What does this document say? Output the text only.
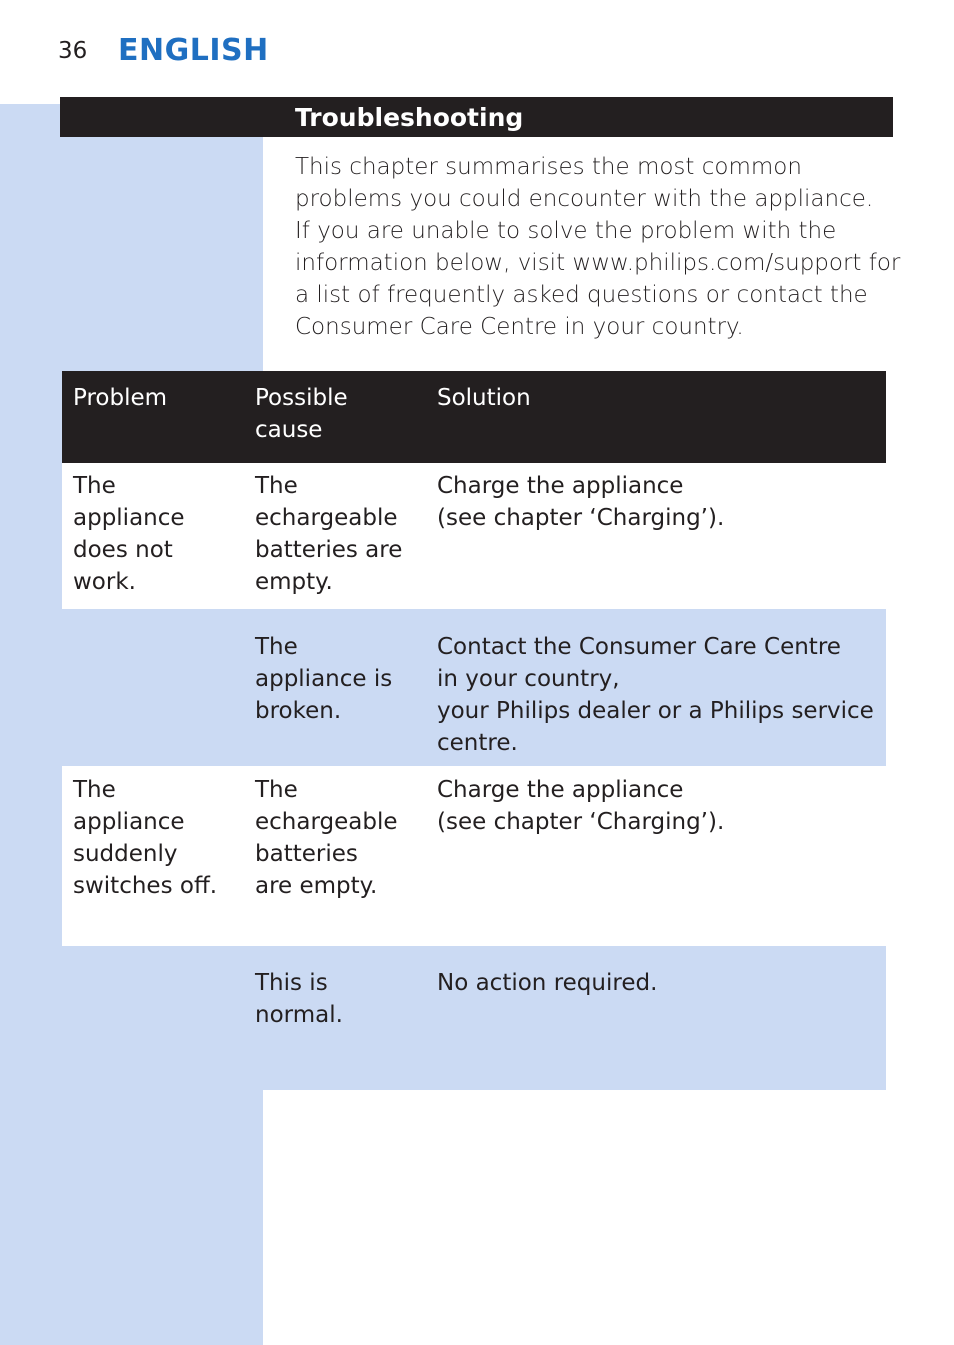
36 ENGLISH
Troubleshooting
This chapter summarises the most common
problems you could encounter with the appliance.
If you are unable to solve the problem with the
information below, visit www.philips.com/support for
a list of frequently asked questions or contact the
Consumer Care Centre in your country.
Problem	Possible
cause
Solution
The
appliance
does not
work.
The
echargeable
batteries are
empty.
Charge the appliance
(see chapter ‘Charging’).
The
appliance is
broken.
Contact the Consumer Care Centre
in your country,
your Philips dealer or a Philips service
centre.
The
appliance
suddenly
switches off.
The
echargeable
batteries
are empty.
Charge the appliance
(see chapter ‘Charging’).
This is
normal.
No action required.
